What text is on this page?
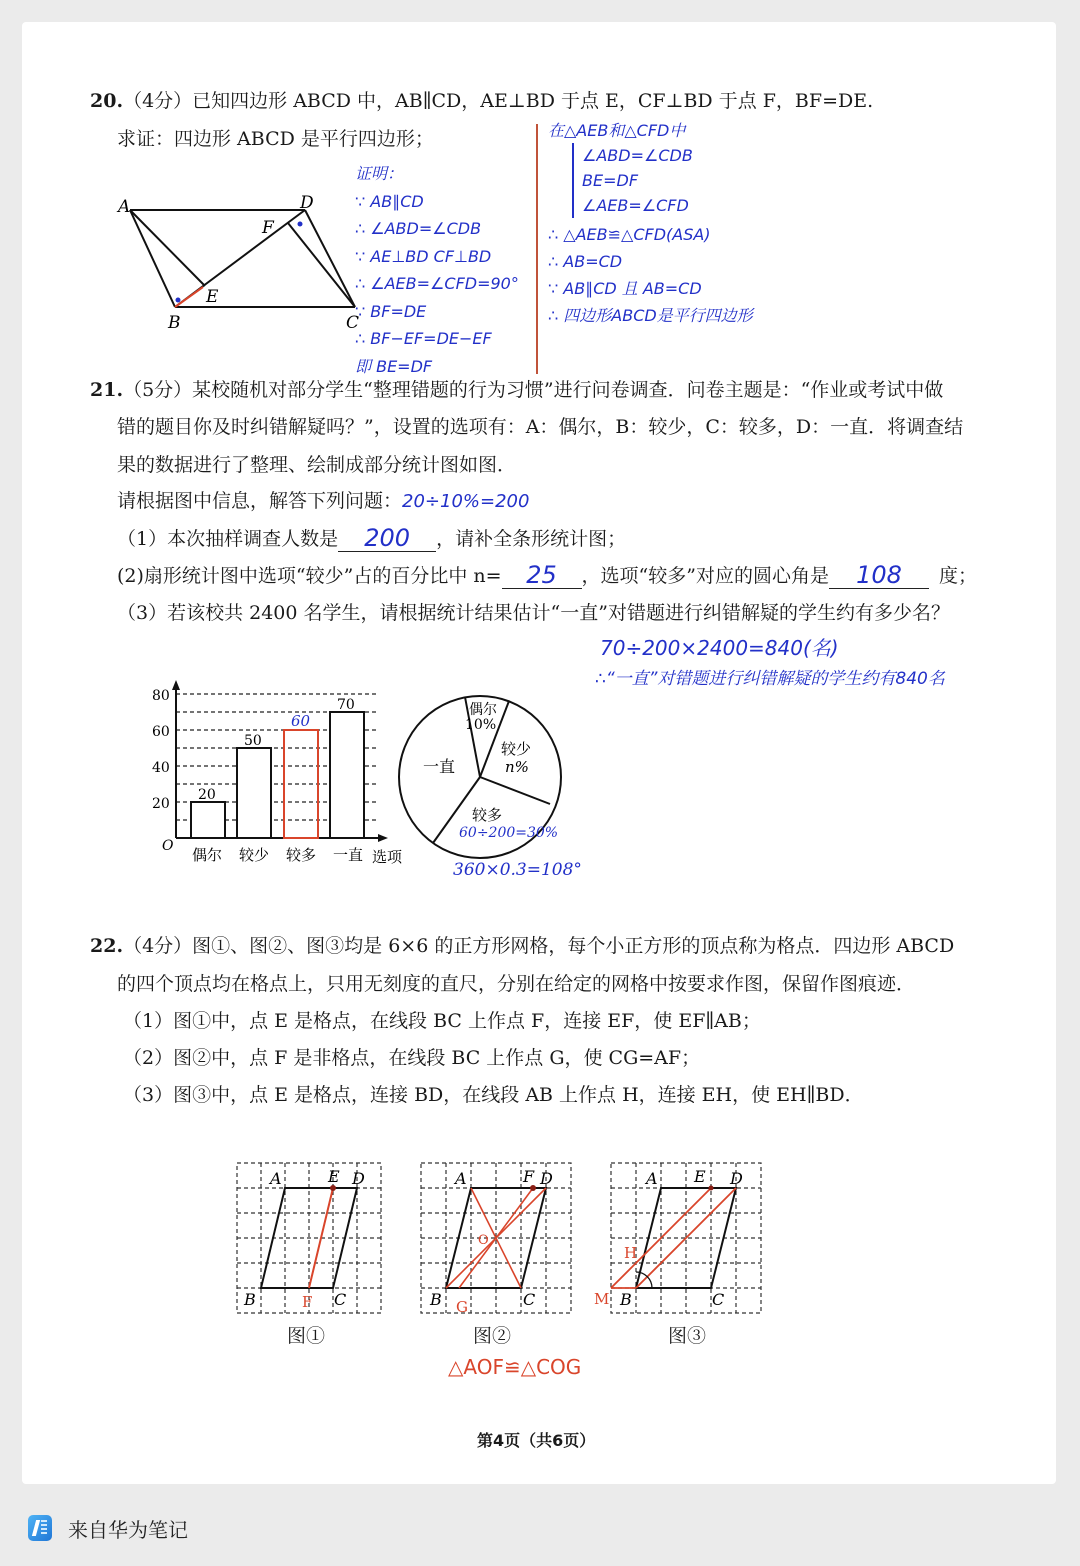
20.（4分）已知四边形 ABCD 中，AB∥CD，AE⊥BD 于点 E，CF⊥BD 于点 F，BF=DE.
求证：四边形 ABCD 是平行四边形；
A	D
F
E
B	C
证明：
∵ AB∥CD
∴ ∠ABD=∠CDB
∵ AE⊥BD CF⊥BD
∴ ∠AEB=∠CFD=90°
∵ BF=DE
∴ BF−EF=DE−EF
即 BE=DF
在△AEB和△CFD中
∠ABD=∠CDB
BE=DF
∠AEB=∠CFD
∴ △AEB≌△CFD(ASA)
∴ AB=CD
∵ AB∥CD 且 AB=CD
∴ 四边形ABCD是平行四边形
21.（5分）某校随机对部分学生“整理错题的行为习惯”进行问卷调查．问卷主题是：“作业或考试中做
错的题目你及时纠错解疑吗？”，设置的选项有：A：偶尔，B：较少，C：较多，D：一直．将调查结
果的数据进行了整理、绘制成部分统计图如图．
请根据图中信息，解答下列问题：20÷10%=200
（1）本次抽样调查人数是	200	，请补全条形统计图；
(2)扇形统计图中选项“较少”占的百分比中 n=	25	，选项“较多”对应的圆心角是	108	度；
（3）若该校共 2400 名学生，请根据统计结果估计“一直”对错题进行纠错解疑的学生约有多少名？
70÷200×2400=840(名)
∴“一直”对错题进行纠错解疑的学生约有840名
80
60
40
20
O
20
50
60
70
偶尔 较少 较多 一直 选项
偶尔
10%
较少
n%
一直
较多
60÷200=30%
360×0.3=108°
22.（4分）图①、图②、图③均是 6×6 的正方形网格，每个小正方形的顶点称为格点．四边形 ABCD
的四个顶点均在格点上，只用无刻度的直尺，分别在给定的网格中按要求作图，保留作图痕迹．
（1）图①中，点 E 是格点，在线段 BC 上作点 F，连接 EF，使 EF∥AB；
（2）图②中，点 F 是非格点，在线段 BC 上作点 G，使 CG=AF；
（3）图③中，点 E 是格点，连接 BD，在线段 AB 上作点 H，连接 EH，使 EH∥BD．
A	E D
B	F C
图①
A	F D
B G	C
O
图②
△AOF≌△COG
A E D
B	C
H
M
图③
第4页（共6页）
来自华为笔记
